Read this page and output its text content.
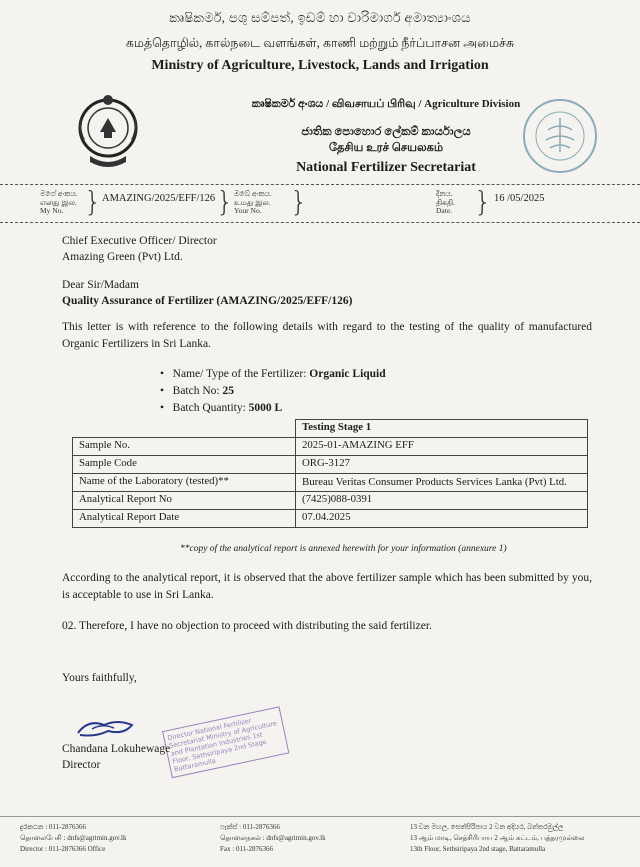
කෘෂිකර්ම, පශු සම්පත්, ඉඩම් හා වාරිමාර්ග අමාත්‍යාංශය
கமத்தொழில், கால்நடை வளங்கள், காணி மற்றும் நீர்ப்பாசன அமைச்சு
Ministry of Agriculture, Livestock, Lands and Irrigation
කෘෂිකර්ම අංශය / விவசாயப் பிரிவு / Agriculture Division
ජාතික පොහොර ලේකම් කාර්යාලය
தேசிய உரச் செயலகம்
National Fertilizer Secretariat
මගේ අංකය.
எனது இல.
My No. } AMAZING/2025/EFF/126 } ඔබේ අංකය.
உமது இல.
Your No.	}	දිනය.
திகதி.
Date. } 16 /05/2025
Chief Executive Officer/ Director
Amazing Green (Pvt) Ltd.
Dear Sir/Madam
Quality Assurance of Fertilizer (AMAZING/2025/EFF/126)
This letter is with reference to the following details with regard to the testing of the quality of manufactured Organic Fertilizers in Sri Lanka.
• Name/ Type of the Fertilizer: Organic Liquid
• Batch No: 25
• Batch Quantity: 5000 L
	Testing Stage 1
Sample No.	2025-01-AMAZING EFF
Sample Code	ORG-3127
Name of the Laboratory (tested)**	Bureau Veritas Consumer Products Services Lanka (Pvt) Ltd.
Analytical Report No	(7425)088-0391
Analytical Report Date	07.04.2025
**copy of the analytical report is annexed herewith for your information (annexure 1)
According to the analytical report, it is observed that the above fertilizer sample which has been submitted by you, is acceptable to use in Sri Lanka.
02. Therefore, I have no objection to proceed with distributing the said fertilizer.
Yours faithfully,
Director National Fertilizer Secretariat Ministry of Agriculture and Plantation Industries 1st Floor, Sethsiripaya 2nd Stage Battaramulla
Chandana Lokuhewage
Director
දුරකථන : 011-2876366
தொலைபேசி : dnfs@agrimin.gov.lk
Director : 011-2876366 Office
ෆැක්ස් : 011-2876366
தொலைநகல் : dnfs@agrimin.gov.lk
Fax : 011-2876366
13 වන මහල, සෙත්සිරිපාය 2 වන අදියර, බත්තරමුල්ල
13 ஆம் மாடி, செத்சிரிபாய 2 ஆம் கட்டம், பத்தரமுல்லை
13th Floor, Sethsiripaya 2nd stage, Battaramulla
